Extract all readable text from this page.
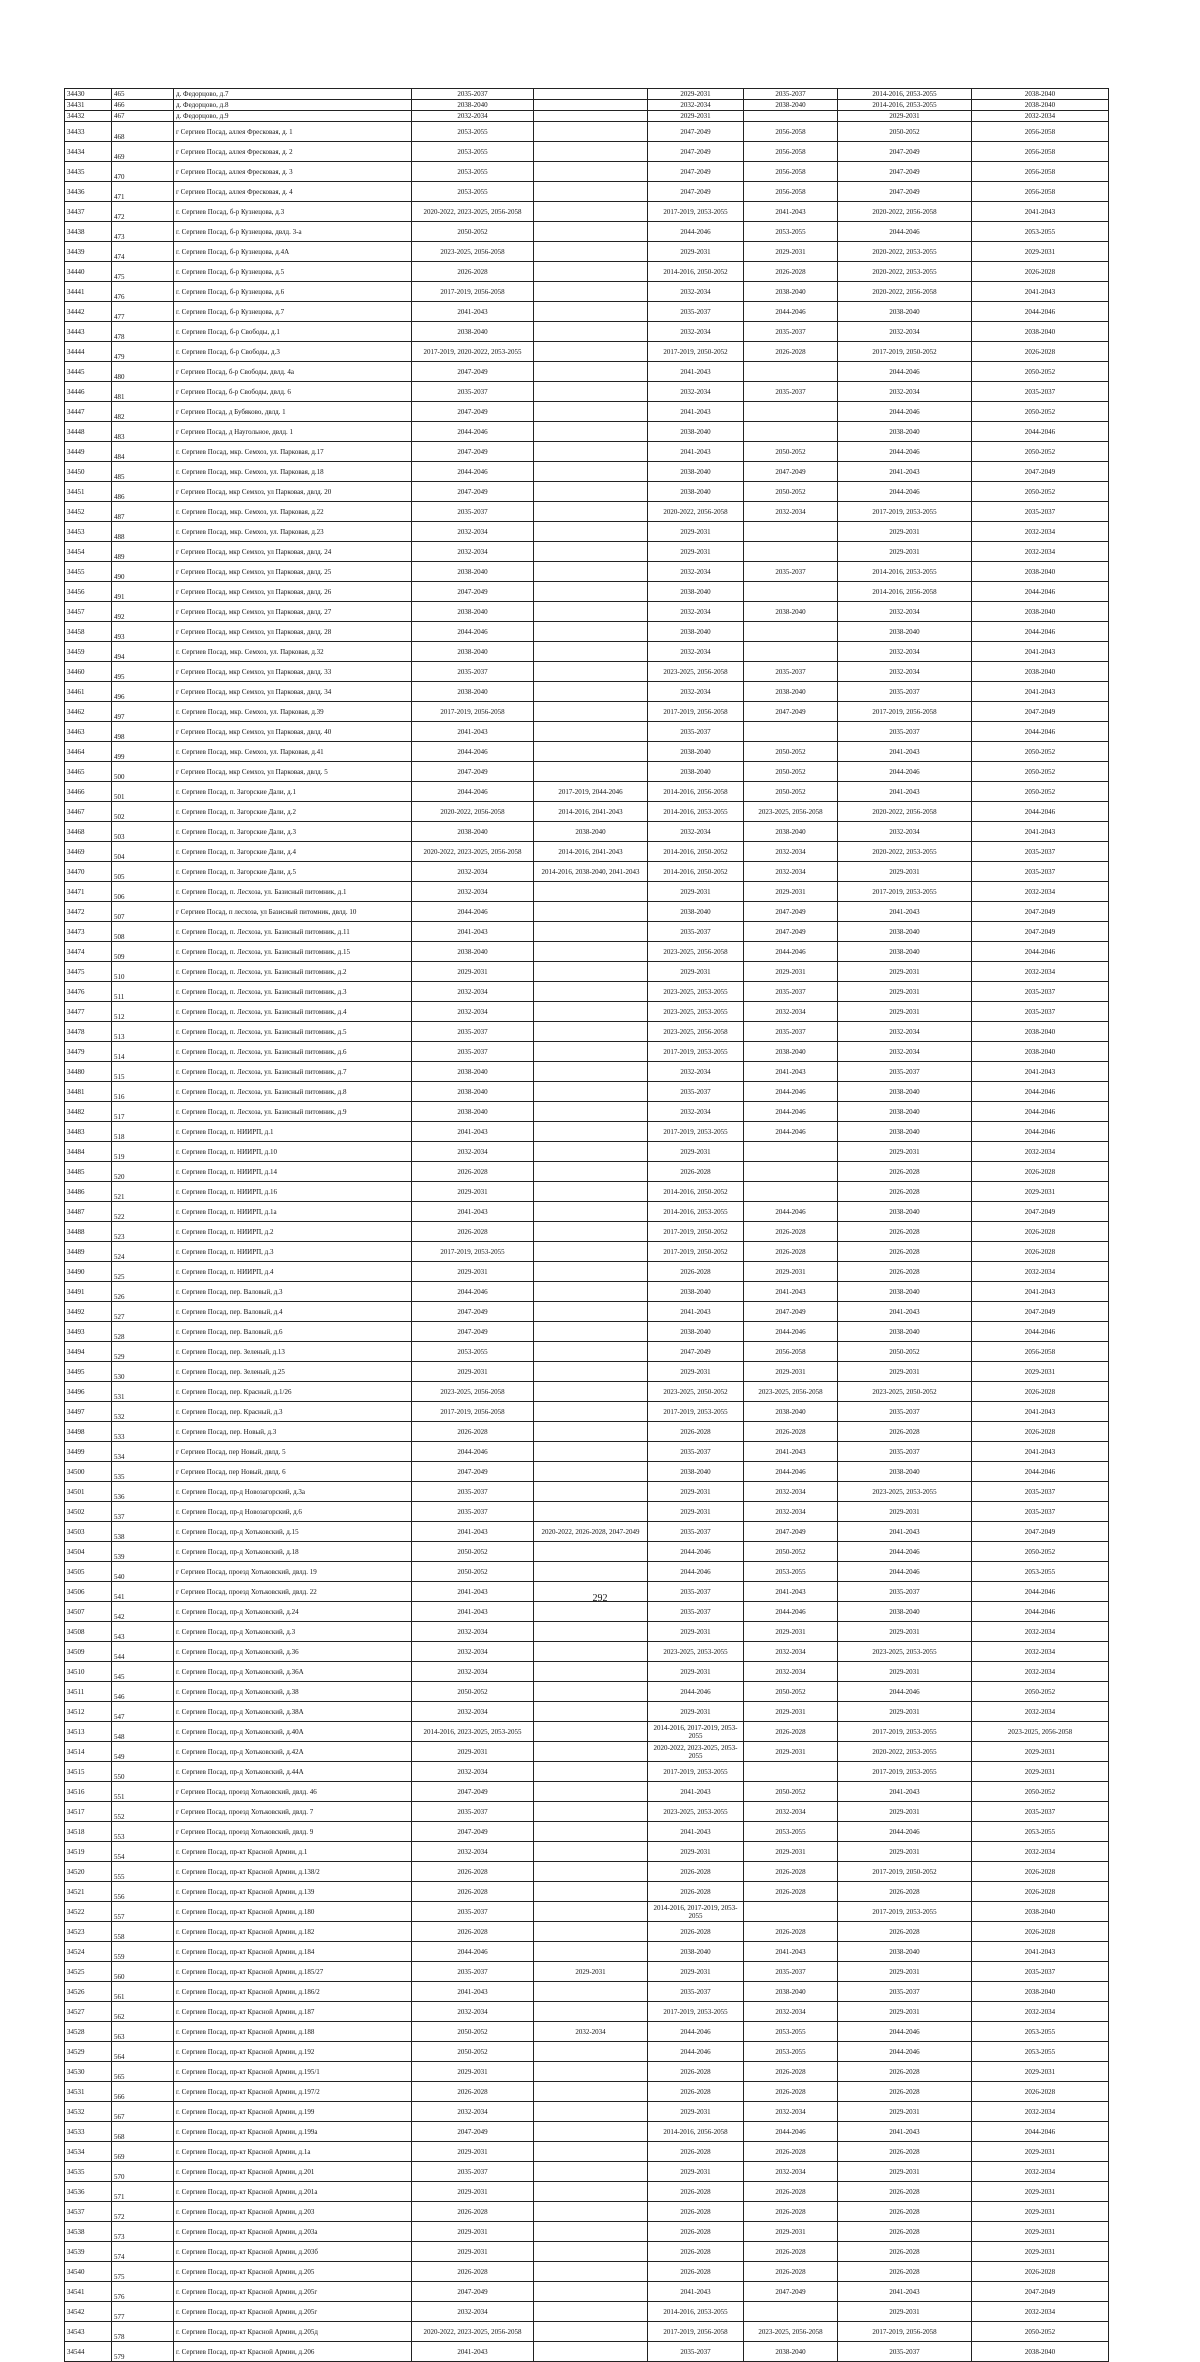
34430	465	д. Федорцово, д.7	2035-2037		2029-2031	2035-2037	2014-2016, 2053-2055	2038-2040
34431	466	д. Федорцово, д.8	2038-2040		2032-2034	2038-2040	2014-2016, 2053-2055	2038-2040
34432	467	д. Федорцово, д.9	2032-2034		2029-2031		2029-2031	2032-2034
34433	468	г Сергиев Посад, аллея Фресковая, д. 1	2053-2055		2047-2049	2056-2058	2050-2052	2056-2058
34434	469	г Сергиев Посад, аллея Фресковая, д. 2	2053-2055		2047-2049	2056-2058	2047-2049	2056-2058
34435	470	г Сергиев Посад, аллея Фресковая, д. 3	2053-2055		2047-2049	2056-2058	2047-2049	2056-2058
34436	471	г Сергиев Посад, аллея Фресковая, д. 4	2053-2055		2047-2049	2056-2058	2047-2049	2056-2058
34437	472	г. Сергиев Посад, б-р Кузнецова, д.3	2020-2022, 2023-2025, 2056-2058		2017-2019, 2053-2055	2041-2043	2020-2022, 2056-2058	2041-2043
34438	473	г. Сергиев Посад, б-р Кузнецова, двлд. 3-а	2050-2052		2044-2046	2053-2055	2044-2046	2053-2055
34439	474	г. Сергиев Посад, б-р Кузнецова, д.4А	2023-2025, 2056-2058		2029-2031	2029-2031	2020-2022, 2053-2055	2029-2031
34440	475	г. Сергиев Посад, б-р Кузнецова, д.5	2026-2028		2014-2016, 2050-2052	2026-2028	2020-2022, 2053-2055	2026-2028
34441	476	г. Сергиев Посад, б-р Кузнецова, д.6	2017-2019, 2056-2058		2032-2034	2038-2040	2020-2022, 2056-2058	2041-2043
34442	477	г. Сергиев Посад, б-р Кузнецова, д.7	2041-2043		2035-2037	2044-2046	2038-2040	2044-2046
34443	478	г. Сергиев Посад, б-р Свободы, д.1	2038-2040		2032-2034	2035-2037	2032-2034	2038-2040
34444	479	г. Сергиев Посад, б-р Свободы, д.3	2017-2019, 2020-2022, 2053-2055		2017-2019, 2050-2052	2026-2028	2017-2019, 2050-2052	2026-2028
34445	480	г Сергиев Посад, б-р Свободы, двлд. 4а	2047-2049		2041-2043		2044-2046	2050-2052
34446	481	г Сергиев Посад, б-р Свободы, двлд. 6	2035-2037		2032-2034	2035-2037	2032-2034	2035-2037
34447	482	г Сергиев Посад, д Бубяково, двлд. 1	2047-2049		2041-2043		2044-2046	2050-2052
34448	483	г Сергиев Посад, д Наугольное, двлд. 1	2044-2046		2038-2040		2038-2040	2044-2046
34449	484	г. Сергиев Посад, мкр. Семхоз, ул. Парковая, д.17	2047-2049		2041-2043	2050-2052	2044-2046	2050-2052
34450	485	г. Сергиев Посад, мкр. Семхоз, ул. Парковая, д.18	2044-2046		2038-2040	2047-2049	2041-2043	2047-2049
34451	486	г Сергиев Посад, мкр Семхоз, ул Парковая, двлд. 20	2047-2049		2038-2040	2050-2052	2044-2046	2050-2052
34452	487	г. Сергиев Посад, мкр. Семхоз, ул. Парковая, д.22	2035-2037		2020-2022, 2056-2058	2032-2034	2017-2019, 2053-2055	2035-2037
34453	488	г. Сергиев Посад, мкр. Семхоз, ул. Парковая, д.23	2032-2034		2029-2031		2029-2031	2032-2034
34454	489	г Сергиев Посад, мкр Семхоз, ул Парковая, двлд. 24	2032-2034		2029-2031		2029-2031	2032-2034
34455	490	г Сергиев Посад, мкр Семхоз, ул Парковая, двлд. 25	2038-2040		2032-2034	2035-2037	2014-2016, 2053-2055	2038-2040
34456	491	г Сергиев Посад, мкр Семхоз, ул Парковая, двлд. 26	2047-2049		2038-2040		2014-2016, 2056-2058	2044-2046
34457	492	г Сергиев Посад, мкр Семхоз, ул Парковая, двлд. 27	2038-2040		2032-2034	2038-2040	2032-2034	2038-2040
34458	493	г Сергиев Посад, мкр Семхоз, ул Парковая, двлд. 28	2044-2046		2038-2040		2038-2040	2044-2046
34459	494	г. Сергиев Посад, мкр. Семхоз, ул. Парковая, д.32	2038-2040		2032-2034		2032-2034	2041-2043
34460	495	г Сергиев Посад, мкр Семхоз, ул Парковая, двлд. 33	2035-2037		2023-2025, 2056-2058	2035-2037	2032-2034	2038-2040
34461	496	г Сергиев Посад, мкр Семхоз, ул Парковая, двлд. 34	2038-2040		2032-2034	2038-2040	2035-2037	2041-2043
34462	497	г. Сергиев Посад, мкр. Семхоз, ул. Парковая, д.39	2017-2019, 2056-2058		2017-2019, 2056-2058	2047-2049	2017-2019, 2056-2058	2047-2049
34463	498	г Сергиев Посад, мкр Семхоз, ул Парковая, двлд. 40	2041-2043		2035-2037		2035-2037	2044-2046
34464	499	г. Сергиев Посад, мкр. Семхоз, ул. Парковая, д.41	2044-2046		2038-2040	2050-2052	2041-2043	2050-2052
34465	500	г Сергиев Посад, мкр Семхоз, ул Парковая, двлд. 5	2047-2049		2038-2040	2050-2052	2044-2046	2050-2052
34466	501	г. Сергиев Посад, п. Загорские Дали, д.1	2044-2046	2017-2019, 2044-2046	2014-2016, 2056-2058	2050-2052	2041-2043	2050-2052
34467	502	г. Сергиев Посад, п. Загорские Дали, д.2	2020-2022, 2056-2058	2014-2016, 2041-2043	2014-2016, 2053-2055	2023-2025, 2056-2058	2020-2022, 2056-2058	2044-2046
34468	503	г. Сергиев Посад, п. Загорские Дали, д.3	2038-2040	2038-2040	2032-2034	2038-2040	2032-2034	2041-2043
34469	504	г. Сергиев Посад, п. Загорские Дали, д.4	2020-2022, 2023-2025, 2056-2058	2014-2016, 2041-2043	2014-2016, 2050-2052	2032-2034	2020-2022, 2053-2055	2035-2037
34470	505	г. Сергиев Посад, п. Загорские Дали, д.5	2032-2034	2014-2016, 2038-2040, 2041-2043	2014-2016, 2050-2052	2032-2034	2029-2031	2035-2037
34471	506	г. Сергиев Посад, п. Лесхоза, ул. Базисный питомник, д.1	2032-2034		2029-2031	2029-2031	2017-2019, 2053-2055	2032-2034
34472	507	г Сергиев Посад, п лесхоза, ул Базисный питомник, двлд. 10	2044-2046		2038-2040	2047-2049	2041-2043	2047-2049
34473	508	г. Сергиев Посад, п. Лесхоза, ул. Базисный питомник, д.11	2041-2043		2035-2037	2047-2049	2038-2040	2047-2049
34474	509	г. Сергиев Посад, п. Лесхоза, ул. Базисный питомник, д.15	2038-2040		2023-2025, 2056-2058	2044-2046	2038-2040	2044-2046
34475	510	г. Сергиев Посад, п. Лесхоза, ул. Базисный питомник, д.2	2029-2031		2029-2031	2029-2031	2029-2031	2032-2034
34476	511	г. Сергиев Посад, п. Лесхоза, ул. Базисный питомник, д.3	2032-2034		2023-2025, 2053-2055	2035-2037	2029-2031	2035-2037
34477	512	г. Сергиев Посад, п. Лесхоза, ул. Базисный питомник, д.4	2032-2034		2023-2025, 2053-2055	2032-2034	2029-2031	2035-2037
34478	513	г. Сергиев Посад, п. Лесхоза, ул. Базисный питомник, д.5	2035-2037		2023-2025, 2056-2058	2035-2037	2032-2034	2038-2040
34479	514	г. Сергиев Посад, п. Лесхоза, ул. Базисный питомник, д.6	2035-2037		2017-2019, 2053-2055	2038-2040	2032-2034	2038-2040
34480	515	г. Сергиев Посад, п. Лесхоза, ул. Базисный питомник, д.7	2038-2040		2032-2034	2041-2043	2035-2037	2041-2043
34481	516	г. Сергиев Посад, п. Лесхоза, ул. Базисный питомник, д.8	2038-2040		2035-2037	2044-2046	2038-2040	2044-2046
34482	517	г. Сергиев Посад, п. Лесхоза, ул. Базисный питомник, д.9	2038-2040		2032-2034	2044-2046	2038-2040	2044-2046
34483	518	г. Сергиев Посад, п. НИИРП, д.1	2041-2043		2017-2019, 2053-2055	2044-2046	2038-2040	2044-2046
34484	519	г. Сергиев Посад, п. НИИРП, д.10	2032-2034		2029-2031		2029-2031	2032-2034
34485	520	г. Сергиев Посад, п. НИИРП, д.14	2026-2028		2026-2028		2026-2028	2026-2028
34486	521	г. Сергиев Посад, п. НИИРП, д.16	2029-2031		2014-2016, 2050-2052		2026-2028	2029-2031
34487	522	г. Сергиев Посад, п. НИИРП, д.1а	2041-2043		2014-2016, 2053-2055	2044-2046	2038-2040	2047-2049
34488	523	г. Сергиев Посад, п. НИИРП, д.2	2026-2028		2017-2019, 2050-2052	2026-2028	2026-2028	2026-2028
34489	524	г. Сергиев Посад, п. НИИРП, д.3	2017-2019, 2053-2055		2017-2019, 2050-2052	2026-2028	2026-2028	2026-2028
34490	525	г. Сергиев Посад, п. НИИРП, д.4	2029-2031		2026-2028	2029-2031	2026-2028	2032-2034
34491	526	г. Сергиев Посад, пер. Валовый, д.3	2044-2046		2038-2040	2041-2043	2038-2040	2041-2043
34492	527	г. Сергиев Посад, пер. Валовый, д.4	2047-2049		2041-2043	2047-2049	2041-2043	2047-2049
34493	528	г. Сергиев Посад, пер. Валовый, д.6	2047-2049		2038-2040	2044-2046	2038-2040	2044-2046
34494	529	г. Сергиев Посад, пер. Зеленый, д.13	2053-2055		2047-2049	2056-2058	2050-2052	2056-2058
34495	530	г. Сергиев Посад, пер. Зеленый, д.25	2029-2031		2029-2031	2029-2031	2029-2031	2029-2031
34496	531	г. Сергиев Посад, пер. Красный, д.1/26	2023-2025, 2056-2058		2023-2025, 2050-2052	2023-2025, 2056-2058	2023-2025, 2050-2052	2026-2028
34497	532	г. Сергиев Посад, пер. Красный, д.3	2017-2019, 2056-2058		2017-2019, 2053-2055	2038-2040	2035-2037	2041-2043
34498	533	г. Сергиев Посад, пер. Новый, д.3	2026-2028		2026-2028	2026-2028	2026-2028	2026-2028
34499	534	г Сергиев Посад, пер Новый, двлд. 5	2044-2046		2035-2037	2041-2043	2035-2037	2041-2043
34500	535	г Сергиев Посад, пер Новый, двлд. 6	2047-2049		2038-2040	2044-2046	2038-2040	2044-2046
34501	536	г. Сергиев Посад, пр-д Новозагорский, д.3а	2035-2037		2029-2031	2032-2034	2023-2025, 2053-2055	2035-2037
34502	537	г. Сергиев Посад, пр-д Новозагорский, д.6	2035-2037		2029-2031	2032-2034	2029-2031	2035-2037
34503	538	г. Сергиев Посад, пр-д Хотьковский, д.15	2041-2043	2020-2022, 2026-2028, 2047-2049	2035-2037	2047-2049	2041-2043	2047-2049
34504	539	г. Сергиев Посад, пр-д Хотьковский, д.18	2050-2052		2044-2046	2050-2052	2044-2046	2050-2052
34505	540	г Сергиев Посад, проезд Хотьковский, двлд. 19	2050-2052		2044-2046	2053-2055	2044-2046	2053-2055
34506	541	г Сергиев Посад, проезд Хотьковский, двлд. 22	2041-2043		2035-2037	2041-2043	2035-2037	2044-2046
34507	542	г. Сергиев Посад, пр-д Хотьковский, д.24	2041-2043		2035-2037	2044-2046	2038-2040	2044-2046
34508	543	г. Сергиев Посад, пр-д Хотьковский, д.3	2032-2034		2029-2031	2029-2031	2029-2031	2032-2034
34509	544	г. Сергиев Посад, пр-д Хотьковский, д.36	2032-2034		2023-2025, 2053-2055	2032-2034	2023-2025, 2053-2055	2032-2034
34510	545	г. Сергиев Посад, пр-д Хотьковский, д.36А	2032-2034		2029-2031	2032-2034	2029-2031	2032-2034
34511	546	г. Сергиев Посад, пр-д Хотьковский, д.38	2050-2052		2044-2046	2050-2052	2044-2046	2050-2052
34512	547	г. Сергиев Посад, пр-д Хотьковский, д.38А	2032-2034		2029-2031	2029-2031	2029-2031	2032-2034
34513	548	г. Сергиев Посад, пр-д Хотьковский, д.40А	2014-2016, 2023-2025, 2053-2055		2014-2016, 2017-2019, 2053-2055	2026-2028	2017-2019, 2053-2055	2023-2025, 2056-2058
34514	549	г. Сергиев Посад, пр-д Хотьковский, д.42А	2029-2031		2020-2022, 2023-2025, 2053-2055	2029-2031	2020-2022, 2053-2055	2029-2031
34515	550	г. Сергиев Посад, пр-д Хотьковский, д.44А	2032-2034		2017-2019, 2053-2055		2017-2019, 2053-2055	2029-2031
34516	551	г Сергиев Посад, проезд Хотьковский, двлд. 46	2047-2049		2041-2043	2050-2052	2041-2043	2050-2052
34517	552	г Сергиев Посад, проезд Хотьковский, двлд. 7	2035-2037		2023-2025, 2053-2055	2032-2034	2029-2031	2035-2037
34518	553	г Сергиев Посад, проезд Хотьковский, двлд. 9	2047-2049		2041-2043	2053-2055	2044-2046	2053-2055
34519	554	г. Сергиев Посад, пр-кт Красной Армии, д.1	2032-2034		2029-2031	2029-2031	2029-2031	2032-2034
34520	555	г. Сергиев Посад, пр-кт Красной Армии, д.138/2	2026-2028		2026-2028	2026-2028	2017-2019, 2050-2052	2026-2028
34521	556	г. Сергиев Посад, пр-кт Красной Армии, д.139	2026-2028		2026-2028	2026-2028	2026-2028	2026-2028
34522	557	г. Сергиев Посад, пр-кт Красной Армии, д.180	2035-2037		2014-2016, 2017-2019, 2053-2055		2017-2019, 2053-2055	2038-2040
34523	558	г. Сергиев Посад, пр-кт Красной Армии, д.182	2026-2028		2026-2028	2026-2028	2026-2028	2026-2028
34524	559	г. Сергиев Посад, пр-кт Красной Армии, д.184	2044-2046		2038-2040	2041-2043	2038-2040	2041-2043
34525	560	г. Сергиев Посад, пр-кт Красной Армии, д.185/27	2035-2037	2029-2031	2029-2031	2035-2037	2029-2031	2035-2037
34526	561	г. Сергиев Посад, пр-кт Красной Армии, д.186/2	2041-2043		2035-2037	2038-2040	2035-2037	2038-2040
34527	562	г. Сергиев Посад, пр-кт Красной Армии, д.187	2032-2034		2017-2019, 2053-2055	2032-2034	2029-2031	2032-2034
34528	563	г. Сергиев Посад, пр-кт Красной Армии, д.188	2050-2052	2032-2034	2044-2046	2053-2055	2044-2046	2053-2055
34529	564	г. Сергиев Посад, пр-кт Красной Армии, д.192	2050-2052		2044-2046	2053-2055	2044-2046	2053-2055
34530	565	г. Сергиев Посад, пр-кт Красной Армии, д.195/1	2029-2031		2026-2028	2026-2028	2026-2028	2029-2031
34531	566	г. Сергиев Посад, пр-кт Красной Армии, д.197/2	2026-2028		2026-2028	2026-2028	2026-2028	2026-2028
34532	567	г. Сергиев Посад, пр-кт Красной Армии, д.199	2032-2034		2029-2031	2032-2034	2029-2031	2032-2034
34533	568	г. Сергиев Посад, пр-кт Красной Армии, д.199а	2047-2049		2014-2016, 2056-2058	2044-2046	2041-2043	2044-2046
34534	569	г. Сергиев Посад, пр-кт Красной Армии, д.1а	2029-2031		2026-2028	2026-2028	2026-2028	2029-2031
34535	570	г. Сергиев Посад, пр-кт Красной Армии, д.201	2035-2037		2029-2031	2032-2034	2029-2031	2032-2034
34536	571	г. Сергиев Посад, пр-кт Красной Армии, д.201а	2029-2031		2026-2028	2026-2028	2026-2028	2029-2031
34537	572	г. Сергиев Посад, пр-кт Красной Армии, д.203	2026-2028		2026-2028	2026-2028	2026-2028	2029-2031
34538	573	г. Сергиев Посад, пр-кт Красной Армии, д.203а	2029-2031		2026-2028	2029-2031	2026-2028	2029-2031
34539	574	г. Сергиев Посад, пр-кт Красной Армии, д.203б	2029-2031		2026-2028	2026-2028	2026-2028	2029-2031
34540	575	г. Сергиев Посад, пр-кт Красной Армии, д.205	2026-2028		2026-2028	2026-2028	2026-2028	2026-2028
34541	576	г. Сергиев Посад, пр-кт Красной Армии, д.205г	2047-2049		2041-2043	2047-2049	2041-2043	2047-2049
34542	577	г. Сергиев Посад, пр-кт Красной Армии, д.205г	2032-2034		2014-2016, 2053-2055		2029-2031	2032-2034
34543	578	г. Сергиев Посад, пр-кт Красной Армии, д.205д	2020-2022, 2023-2025, 2056-2058		2017-2019, 2056-2058	2023-2025, 2056-2058	2017-2019, 2056-2058	2050-2052
34544	579	г. Сергиев Посад, пр-кт Красной Армии, д.206	2041-2043		2035-2037	2038-2040	2035-2037	2038-2040
292
